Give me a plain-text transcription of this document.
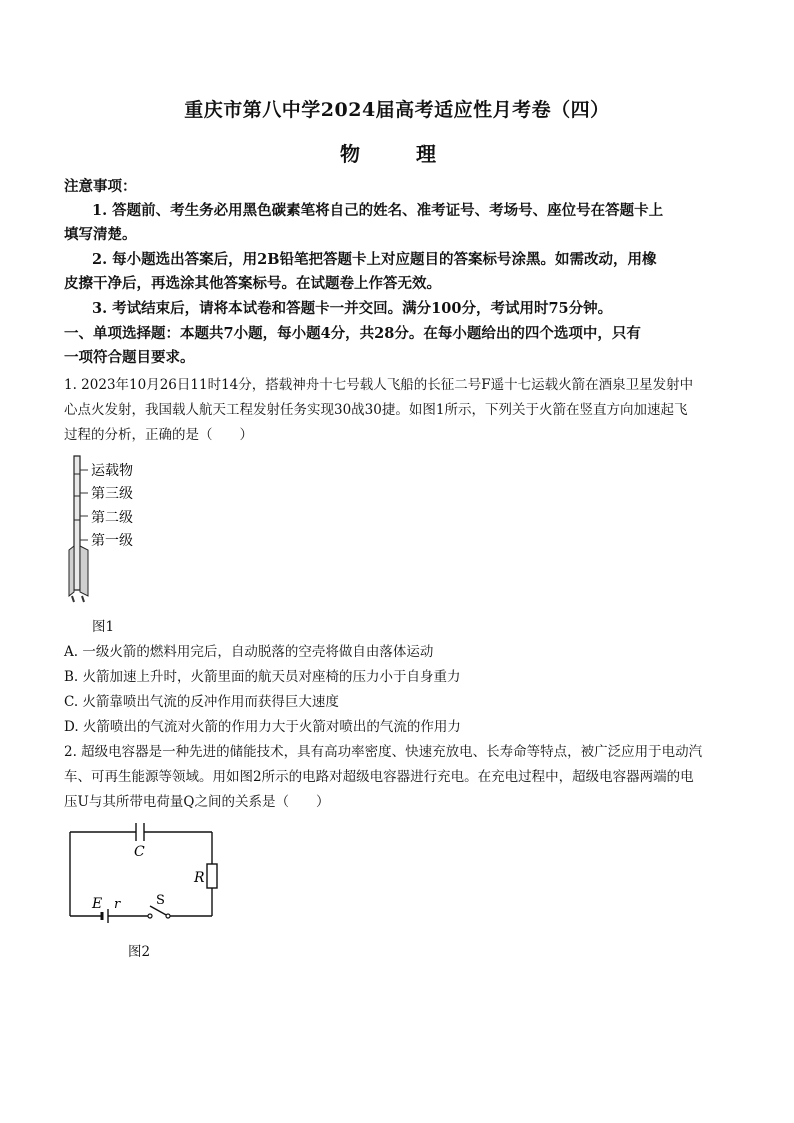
重庆市第八中学2024届高考适应性月考卷（四）
物　理
注意事项：
1. 答题前、考生务必用黑色碳素笔将自己的姓名、准考证号、考场号、座位号在答题卡上
填写清楚。
2. 每小题选出答案后，用2B铅笔把答题卡上对应题目的答案标号涂黑。如需改动，用橡
皮擦干净后，再选涂其他答案标号。在试题卷上作答无效。
3. 考试结束后，请将本试卷和答题卡一并交回。满分100分，考试用时75分钟。
一、单项选择题：本题共7小题，每小题4分，共28分。在每小题给出的四个选项中，只有
一项符合题目要求。
1. 2023年10月26日11时14分，搭载神舟十七号载人飞船的长征二号F遥十七运载火箭在酒泉卫星发射中
心点火发射，我国载人航天工程发射任务实现30战30捷。如图1所示，下列关于火箭在竖直方向加速起飞
过程的分析，正确的是（　　）
运载物
第三级
第二级
第一级
图1
A. 一级火箭的燃料用完后，自动脱落的空壳将做自由落体运动
B. 火箭加速上升时，火箭里面的航天员对座椅的压力小于自身重力
C. 火箭靠喷出气流的反冲作用而获得巨大速度
D. 火箭喷出的气流对火箭的作用力大于火箭对喷出的气流的作用力
2. 超级电容器是一种先进的储能技术，具有高功率密度、快速充放电、长寿命等特点，被广泛应用于电动汽
车、可再生能源等领域。用如图2所示的电路对超级电容器进行充电。在充电过程中，超级电容器两端的电
压U与其所带电荷量Q之间的关系是（　　）
C
R
E r	S
图2
